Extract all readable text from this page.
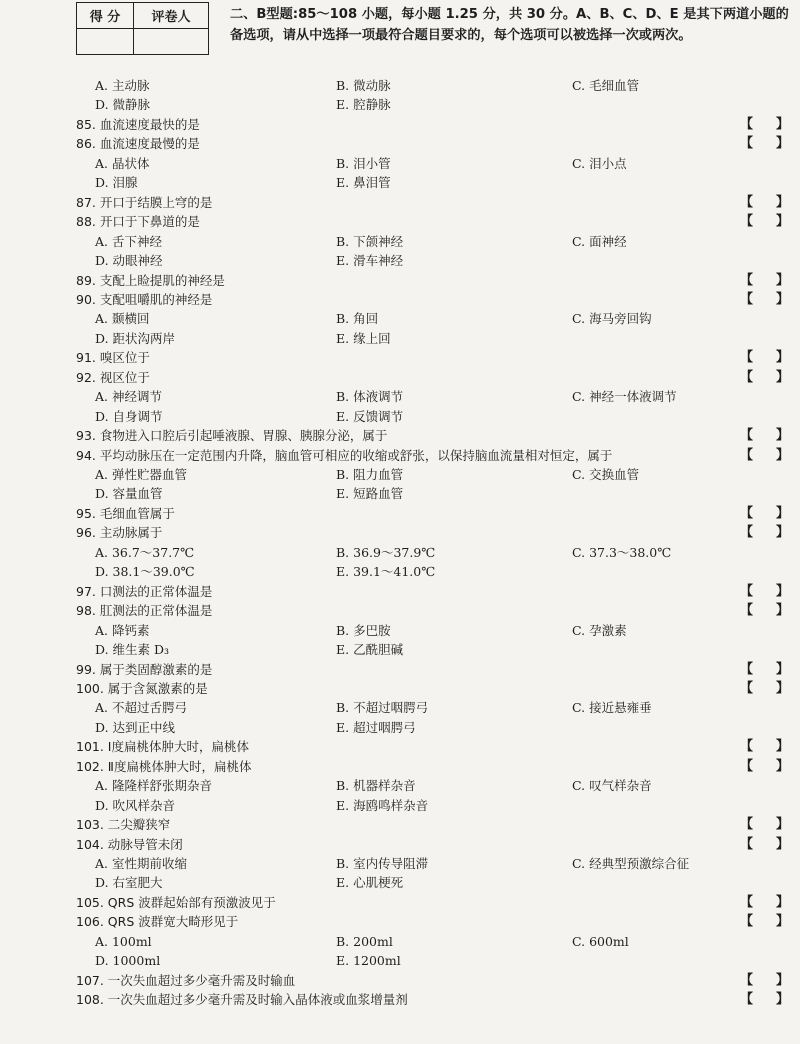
得 分	评卷人
		二、B型题:85～108 小题，每小题 1.25 分，共 30 分。A、B、C、D、E 是其下两道小题的备选项，请从中选择一项最符合题目要求的，每个选项可以被选择一次或两次。
A. 主动脉	B. 微动脉	C. 毛细血管
D. 微静脉	E. 腔静脉
85. 血流速度最快的是	【 】
86. 血流速度最慢的是	【 】
A. 晶状体	B. 泪小管	C. 泪小点
D. 泪腺	E. 鼻泪管
87. 开口于结膜上穹的是	【 】
88. 开口于下鼻道的是	【 】
A. 舌下神经	B. 下颌神经	C. 面神经
D. 动眼神经	E. 滑车神经
89. 支配上睑提肌的神经是	【 】
90. 支配咀嚼肌的神经是	【 】
A. 颞横回	B. 角回	C. 海马旁回钩
D. 距状沟两岸	E. 缘上回
91. 嗅区位于	【 】
92. 视区位于	【 】
A. 神经调节	B. 体液调节	C. 神经一体液调节
D. 自身调节	E. 反馈调节
93. 食物进入口腔后引起唾液腺、胃腺、胰腺分泌，属于	【 】
94. 平均动脉压在一定范围内升降，脑血管可相应的收缩或舒张，以保持脑血流量相对恒定，属于	【 】
A. 弹性贮器血管	B. 阻力血管	C. 交换血管
D. 容量血管	E. 短路血管
95. 毛细血管属于	【 】
96. 主动脉属于	【 】
A. 36.7～37.7℃	B. 36.9～37.9℃	C. 37.3～38.0℃
D. 38.1～39.0℃	E. 39.1～41.0℃
97. 口测法的正常体温是	【 】
98. 肛测法的正常体温是	【 】
A. 降钙素	B. 多巴胺	C. 孕激素
D. 维生素 D₃	E. 乙酰胆碱
99. 属于类固醇激素的是	【 】
100. 属于含氮激素的是	【 】
A. 不超过舌腭弓	B. 不超过咽腭弓	C. 接近悬雍垂
D. 达到正中线	E. 超过咽腭弓
101. Ⅰ度扁桃体肿大时，扁桃体	【 】
102. Ⅱ度扁桃体肿大时，扁桃体	【 】
A. 隆隆样舒张期杂音	B. 机器样杂音	C. 叹气样杂音
D. 吹风样杂音	E. 海鸥鸣样杂音
103. 二尖瓣狭窄	【 】
104. 动脉导管未闭	【 】
A. 室性期前收缩	B. 室内传导阻滞	C. 经典型预激综合征
D. 右室肥大	E. 心肌梗死
105. QRS 波群起始部有预激波见于	【 】
106. QRS 波群宽大畸形见于	【 】
A. 100ml	B. 200ml	C. 600ml
D. 1000ml	E. 1200ml
107. 一次失血超过多少毫升需及时输血	【 】
108. 一次失血超过多少毫升需及时输入晶体液或血浆增量剂	【 】
